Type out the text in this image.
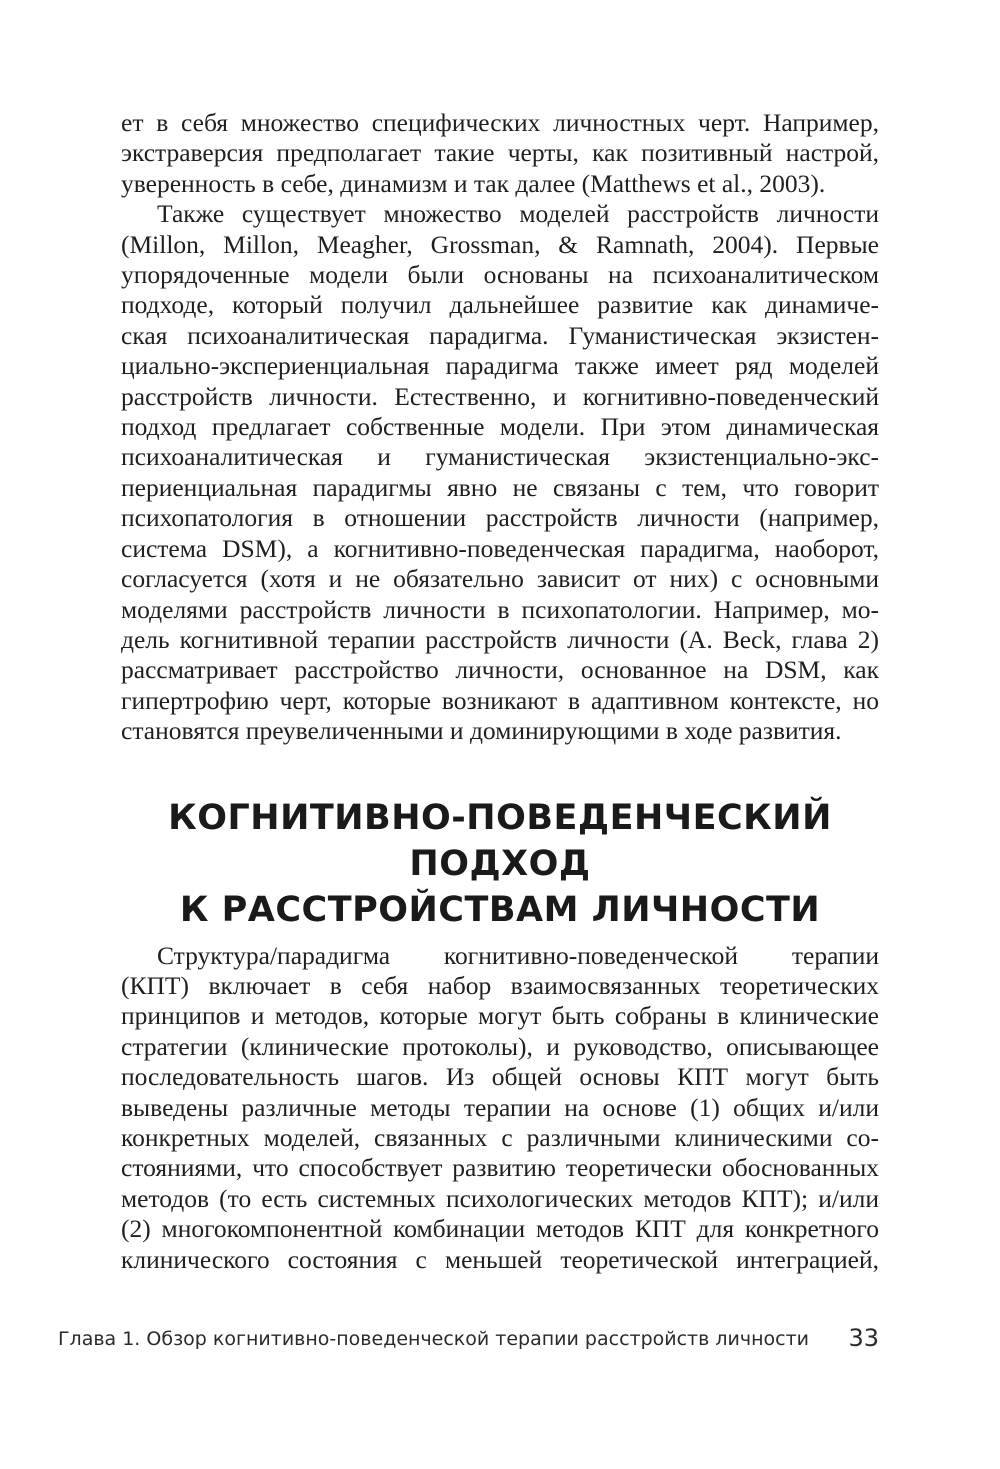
ет в себя множество специфических личностных черт. Например,
экстраверсия предполагает такие черты, как позитивный настрой,
уверенность в себе, динамизм и так далее (Matthews et al., 2003).

Также существует множество моделей расстройств личности
(Millon, Millon, Meagher, Grossman, & Ramnath, 2004). Первые
упорядоченные модели были основаны на психоаналитическом
подходе, который получил дальнейшее развитие как динамиче-
ская психоаналитическая парадигма. Гуманистическая экзистен-
циально-экспериенциальная парадигма также имеет ряд моделей
расстройств личности. Естественно, и когнитивно-поведенческий
подход предлагает собственные модели. При этом динамическая
психоаналитическая и гуманистическая экзистенциально-экс-
периенциальная парадигмы явно не связаны с тем, что говорит
психопатология в отношении расстройств личности (например,
система DSM), а когнитивно-поведенческая парадигма, наоборот,
согласуется (хотя и не обязательно зависит от них) с основными
моделями расстройств личности в психопатологии. Например, мо-
дель когнитивной терапии расстройств личности (A. Beck, глава 2)
рассматривает расстройство личности, основанное на DSM, как
гипертрофию черт, которые возникают в адаптивном контексте, но
становятся преувеличенными и доминирующими в ходе развития.

КОГНИТИВНО-ПОВЕДЕНЧЕСКИЙ ПОДХОД
К РАССТРОЙСТВАМ ЛИЧНОСТИ

Структура/парадигма когнитивно-поведенческой терапии
(КПТ) включает в себя набор взаимосвязанных теоретических
принципов и методов, которые могут быть собраны в клинические
стратегии (клинические протоколы), и руководство, описывающее
последовательность шагов. Из общей основы КПТ могут быть
выведены различные методы терапии на основе (1) общих и/или
конкретных моделей, связанных с различными клиническими со-
стояниями, что способствует развитию теоретически обоснованных
методов (то есть системных психологических методов КПТ); и/или
(2) многокомпонентной комбинации методов КПТ для конкретного
клинического состояния с меньшей теоретической интеграцией,

Глава 1. Обзор когнитивно-поведенческой терапии расстройств личности 33
